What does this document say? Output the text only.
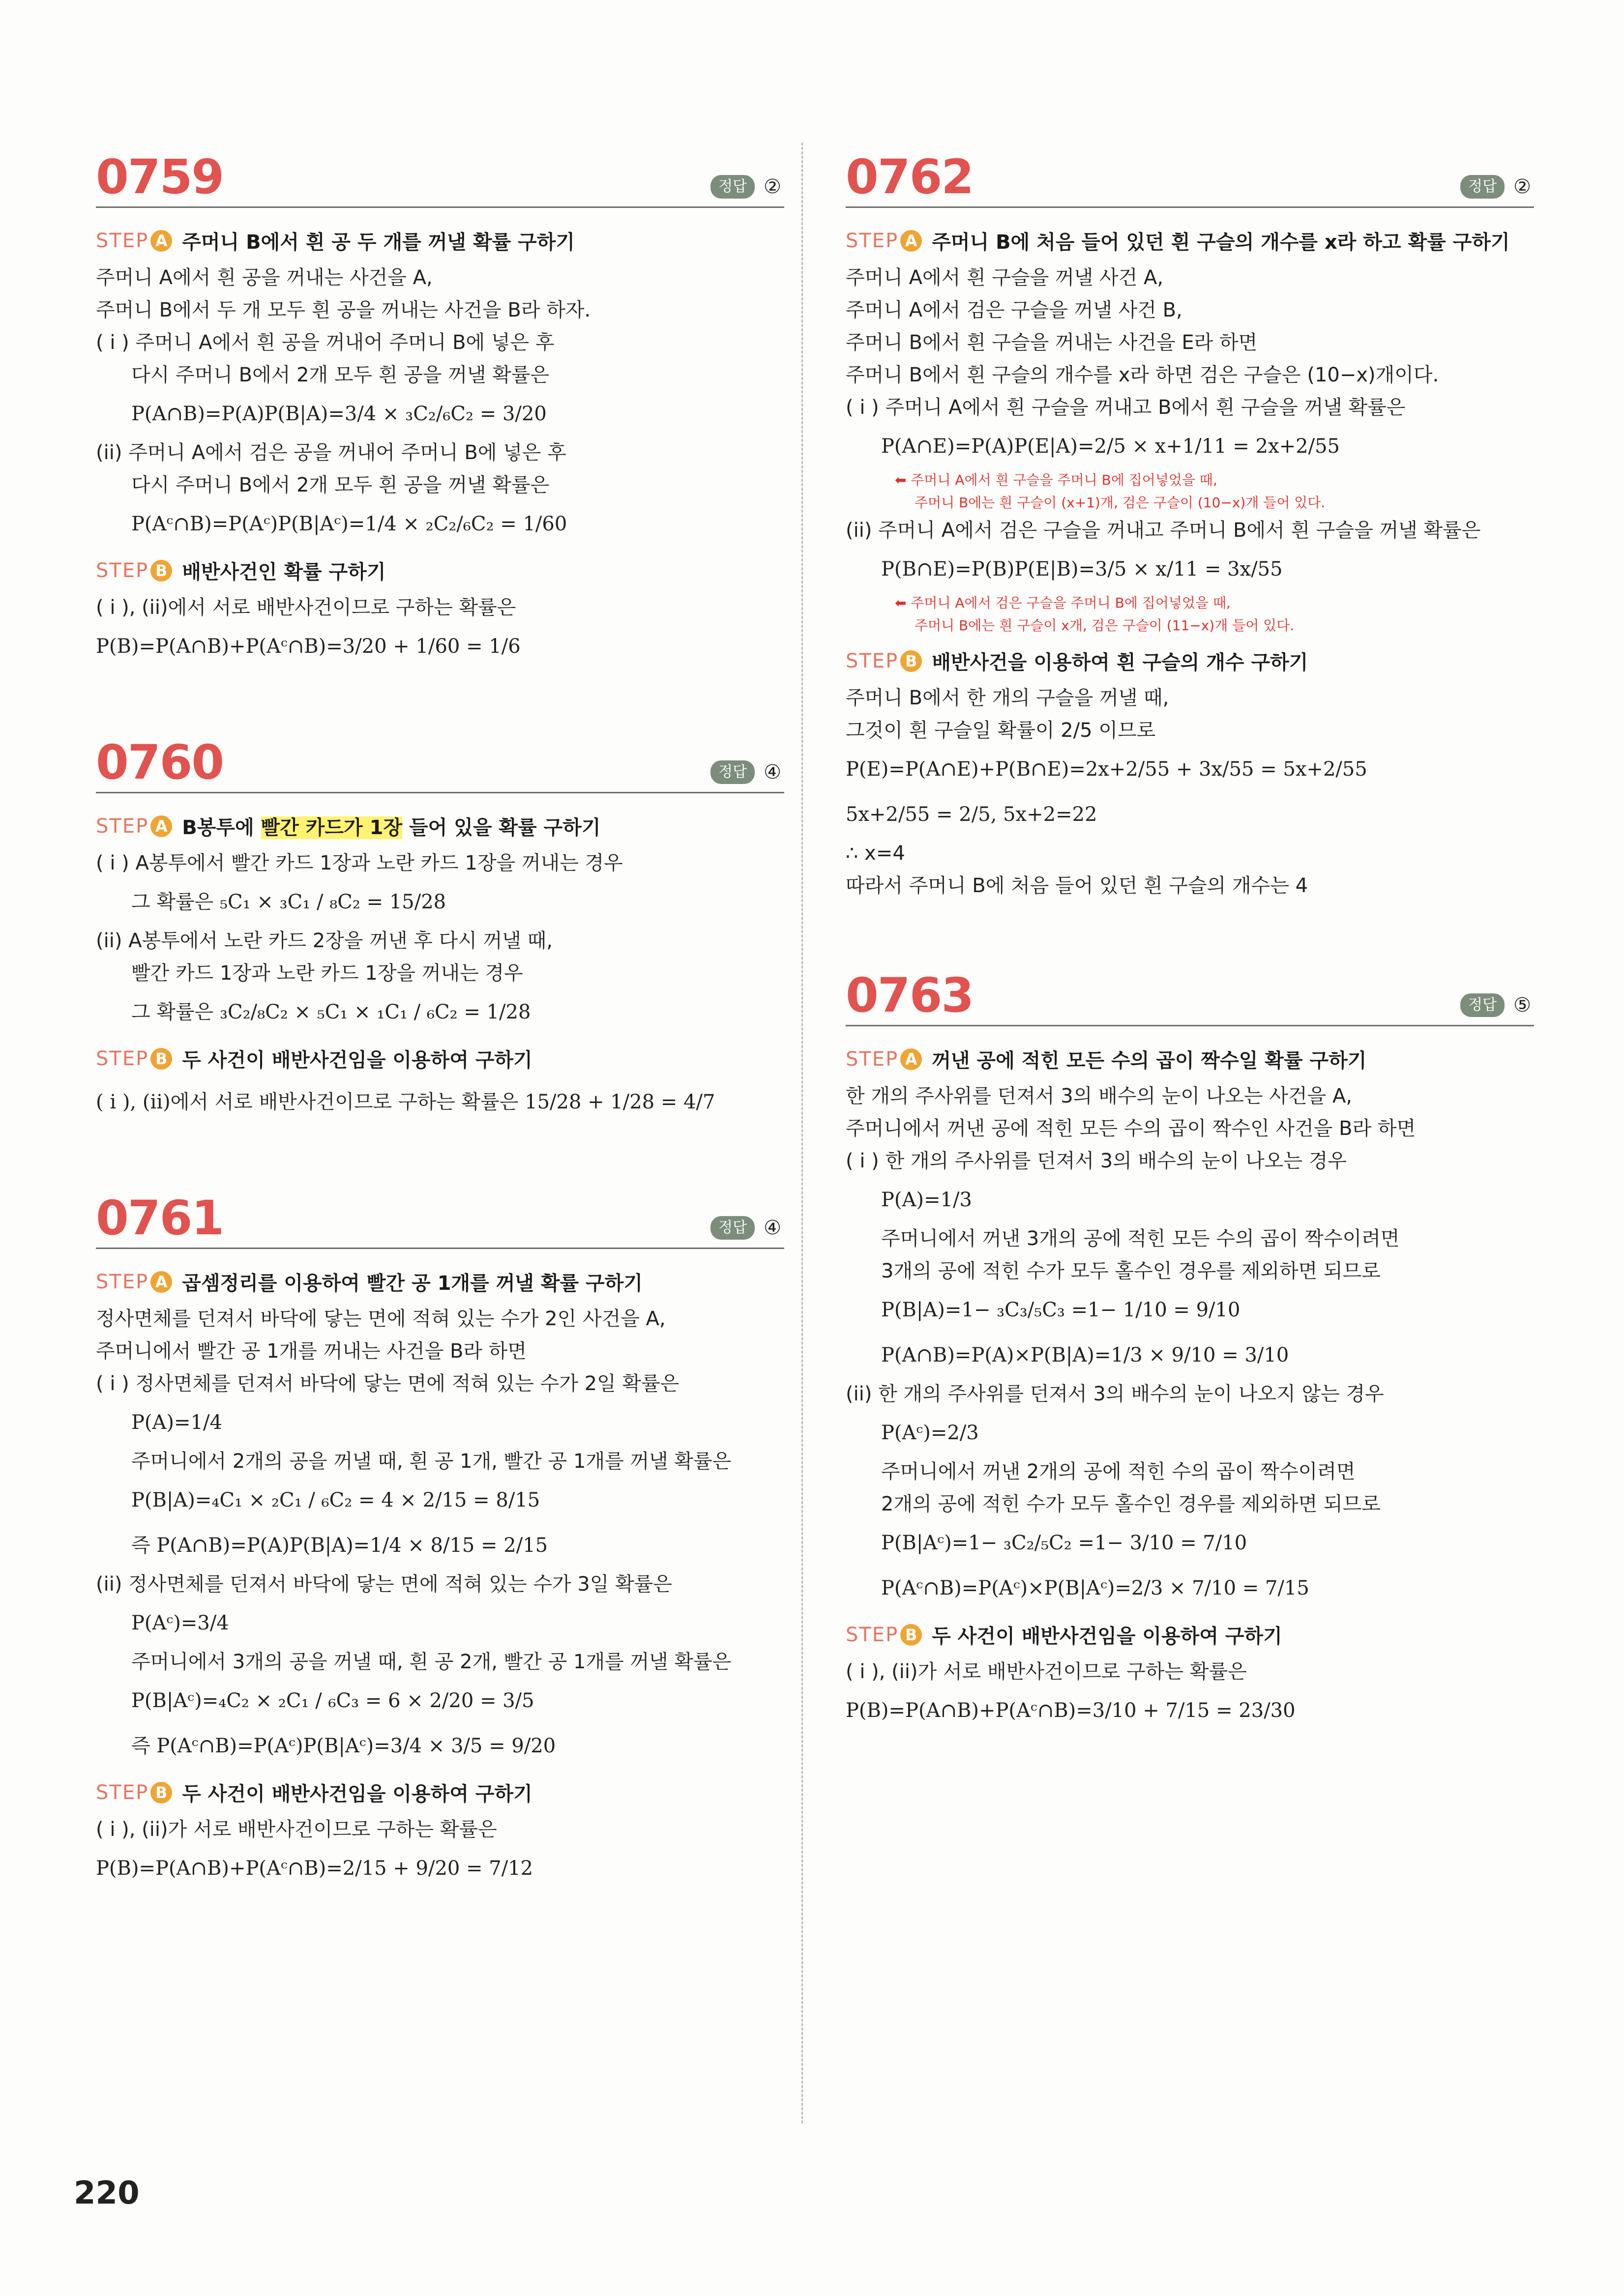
0759	정답 ②
STEP A 주머니 B에서 흰 공 두 개를 꺼낼 확률 구하기
주머니 A에서 흰 공을 꺼내는 사건을 A,
주머니 B에서 두 개 모두 흰 공을 꺼내는 사건을 B라 하자.
( i ) 주머니 A에서 흰 공을 꺼내어 주머니 B에 넣은 후
다시 주머니 B에서 2개 모두 흰 공을 꺼낼 확률은
P(A∩B)=P(A)P(B|A)=3/4 × ₃C₂/₆C₂ = 3/20
(ii) 주머니 A에서 검은 공을 꺼내어 주머니 B에 넣은 후
다시 주머니 B에서 2개 모두 흰 공을 꺼낼 확률은
P(Aᶜ∩B)=P(Aᶜ)P(B|Aᶜ)=1/4 × ₂C₂/₆C₂ = 1/60
STEP B 배반사건인 확률 구하기
( i ), (ii)에서 서로 배반사건이므로 구하는 확률은
P(B)=P(A∩B)+P(Aᶜ∩B)=3/20 + 1/60 = 1/6
0760	정답 ④
STEP A B봉투에 빨간 카드가 1장 들어 있을 확률 구하기
( i ) A봉투에서 빨간 카드 1장과 노란 카드 1장을 꺼내는 경우
그 확률은 ₅C₁ × ₃C₁ / ₈C₂ = 15/28
(ii) A봉투에서 노란 카드 2장을 꺼낸 후 다시 꺼낼 때,
빨간 카드 1장과 노란 카드 1장을 꺼내는 경우
그 확률은 ₃C₂/₈C₂ × ₅C₁ × ₁C₁ / ₆C₂ = 1/28
STEP B 두 사건이 배반사건임을 이용하여 구하기
( i ), (ii)에서 서로 배반사건이므로 구하는 확률은 15/28 + 1/28 = 4/7
0761	정답 ④
STEP A 곱셈정리를 이용하여 빨간 공 1개를 꺼낼 확률 구하기
정사면체를 던져서 바닥에 닿는 면에 적혀 있는 수가 2인 사건을 A,
주머니에서 빨간 공 1개를 꺼내는 사건을 B라 하면
( i ) 정사면체를 던져서 바닥에 닿는 면에 적혀 있는 수가 2일 확률은
P(A)=1/4
주머니에서 2개의 공을 꺼낼 때, 흰 공 1개, 빨간 공 1개를 꺼낼 확률은
P(B|A)=₄C₁ × ₂C₁ / ₆C₂ = 4 × 2/15 = 8/15
즉 P(A∩B)=P(A)P(B|A)=1/4 × 8/15 = 2/15
(ii) 정사면체를 던져서 바닥에 닿는 면에 적혀 있는 수가 3일 확률은
P(Aᶜ)=3/4
주머니에서 3개의 공을 꺼낼 때, 흰 공 2개, 빨간 공 1개를 꺼낼 확률은
P(B|Aᶜ)=₄C₂ × ₂C₁ / ₆C₃ = 6 × 2/20 = 3/5
즉 P(Aᶜ∩B)=P(Aᶜ)P(B|Aᶜ)=3/4 × 3/5 = 9/20
STEP B 두 사건이 배반사건임을 이용하여 구하기
( i ), (ii)가 서로 배반사건이므로 구하는 확률은
P(B)=P(A∩B)+P(Aᶜ∩B)=2/15 + 9/20 = 7/12
0762	정답 ②
STEP A 주머니 B에 처음 들어 있던 흰 구슬의 개수를 x라 하고 확률 구하기
주머니 A에서 흰 구슬을 꺼낼 사건 A,
주머니 A에서 검은 구슬을 꺼낼 사건 B,
주머니 B에서 흰 구슬을 꺼내는 사건을 E라 하면
주머니 B에서 흰 구슬의 개수를 x라 하면 검은 구슬은 (10−x)개이다.
( i ) 주머니 A에서 흰 구슬을 꺼내고 B에서 흰 구슬을 꺼낼 확률은
P(A∩E)=P(A)P(E|A)=2/5 × x+1/11 = 2x+2/55
⬅ 주머니 A에서 흰 구슬을 주머니 B에 집어넣었을 때,
주머니 B에는 흰 구슬이 (x+1)개, 검은 구슬이 (10−x)개 들어 있다.
(ii) 주머니 A에서 검은 구슬을 꺼내고 주머니 B에서 흰 구슬을 꺼낼 확률은
P(B∩E)=P(B)P(E|B)=3/5 × x/11 = 3x/55
⬅ 주머니 A에서 검은 구슬을 주머니 B에 집어넣었을 때,
주머니 B에는 흰 구슬이 x개, 검은 구슬이 (11−x)개 들어 있다.
STEP B 배반사건을 이용하여 흰 구슬의 개수 구하기
주머니 B에서 한 개의 구슬을 꺼낼 때,
그것이 흰 구슬일 확률이 2/5 이므로
P(E)=P(A∩E)+P(B∩E)=2x+2/55 + 3x/55 = 5x+2/55
5x+2/55 = 2/5, 5x+2=22
∴ x=4
따라서 주머니 B에 처음 들어 있던 흰 구슬의 개수는 4
0763	정답 ⑤
STEP A 꺼낸 공에 적힌 모든 수의 곱이 짝수일 확률 구하기
한 개의 주사위를 던져서 3의 배수의 눈이 나오는 사건을 A,
주머니에서 꺼낸 공에 적힌 모든 수의 곱이 짝수인 사건을 B라 하면
( i ) 한 개의 주사위를 던져서 3의 배수의 눈이 나오는 경우
P(A)=1/3
주머니에서 꺼낸 3개의 공에 적힌 모든 수의 곱이 짝수이려면
3개의 공에 적힌 수가 모두 홀수인 경우를 제외하면 되므로
P(B|A)=1− ₃C₃/₅C₃ =1− 1/10 = 9/10
P(A∩B)=P(A)×P(B|A)=1/3 × 9/10 = 3/10
(ii) 한 개의 주사위를 던져서 3의 배수의 눈이 나오지 않는 경우
P(Aᶜ)=2/3
주머니에서 꺼낸 2개의 공에 적힌 수의 곱이 짝수이려면
2개의 공에 적힌 수가 모두 홀수인 경우를 제외하면 되므로
P(B|Aᶜ)=1− ₃C₂/₅C₂ =1− 3/10 = 7/10
P(Aᶜ∩B)=P(Aᶜ)×P(B|Aᶜ)=2/3 × 7/10 = 7/15
STEP B 두 사건이 배반사건임을 이용하여 구하기
( i ), (ii)가 서로 배반사건이므로 구하는 확률은
P(B)=P(A∩B)+P(Aᶜ∩B)=3/10 + 7/15 = 23/30
220
